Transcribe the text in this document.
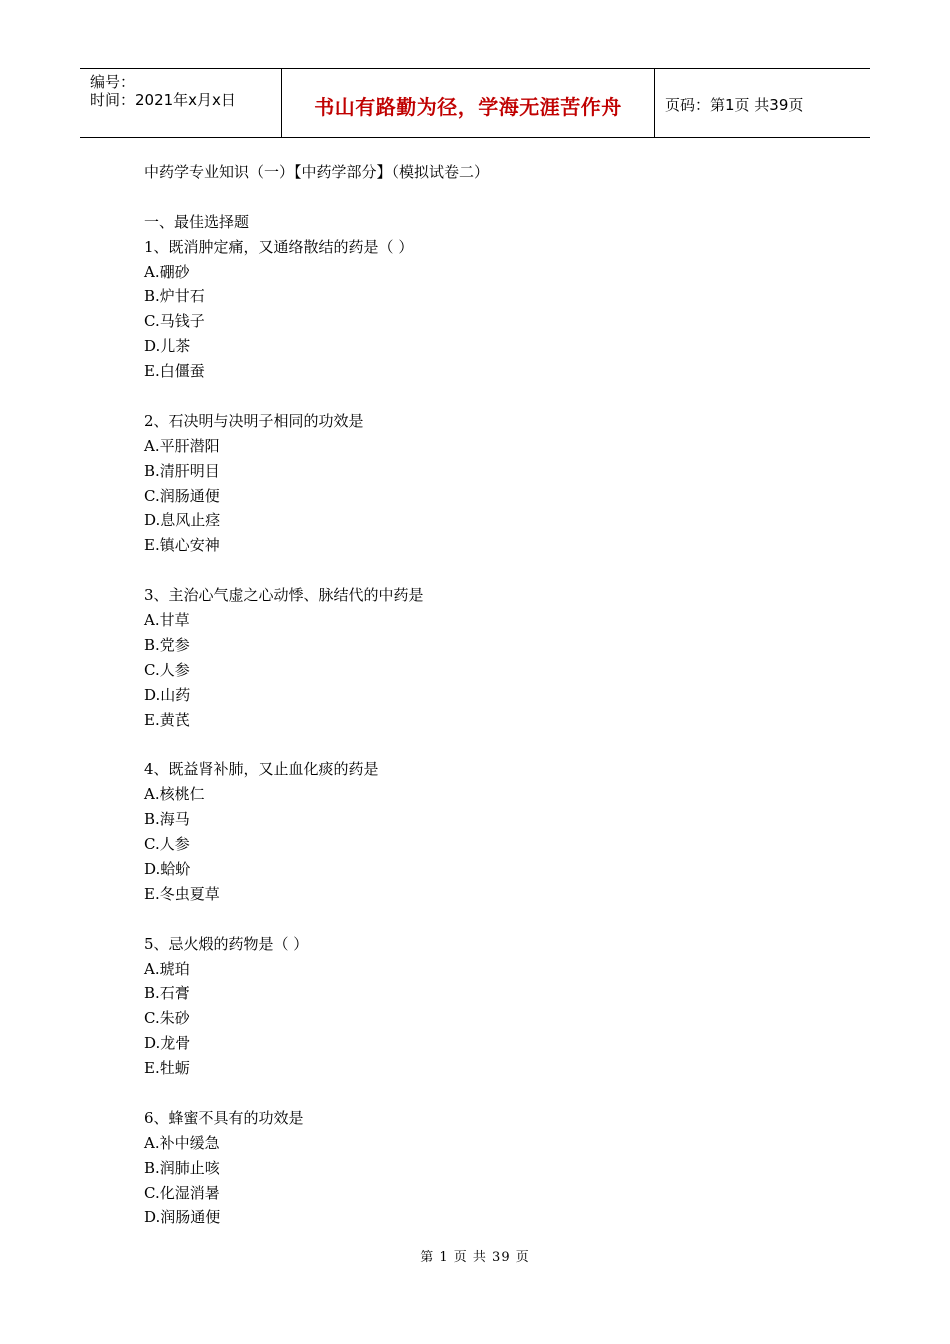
编号：
时间：2021年x月x日	书山有路勤为径，学海无涯苦作舟	页码：第1页 共39页
中药学专业知识（一）【中药学部分】（模拟试卷二）
一、最佳选择题
1、既消肿定痛，又通络散结的药是（ ）
A.硼砂
B.炉甘石
C.马钱子
D.儿茶
E.白僵蚕
2、石决明与决明子相同的功效是
A.平肝潜阳
B.清肝明目
C.润肠通便
D.息风止痉
E.镇心安神
3、主治心气虚之心动悸、脉结代的中药是
A.甘草
B.党参
C.人参
D.山药
E.黄芪
4、既益肾补肺，又止血化痰的药是
A.核桃仁
B.海马
C.人参
D.蛤蚧
E.冬虫夏草
5、忌火煅的药物是（ ）
A.琥珀
B.石膏
C.朱砂
D.龙骨
E.牡蛎
6、蜂蜜不具有的功效是
A.补中缓急
B.润肺止咳
C.化湿消暑
D.润肠通便
第 1 页 共 39 页
